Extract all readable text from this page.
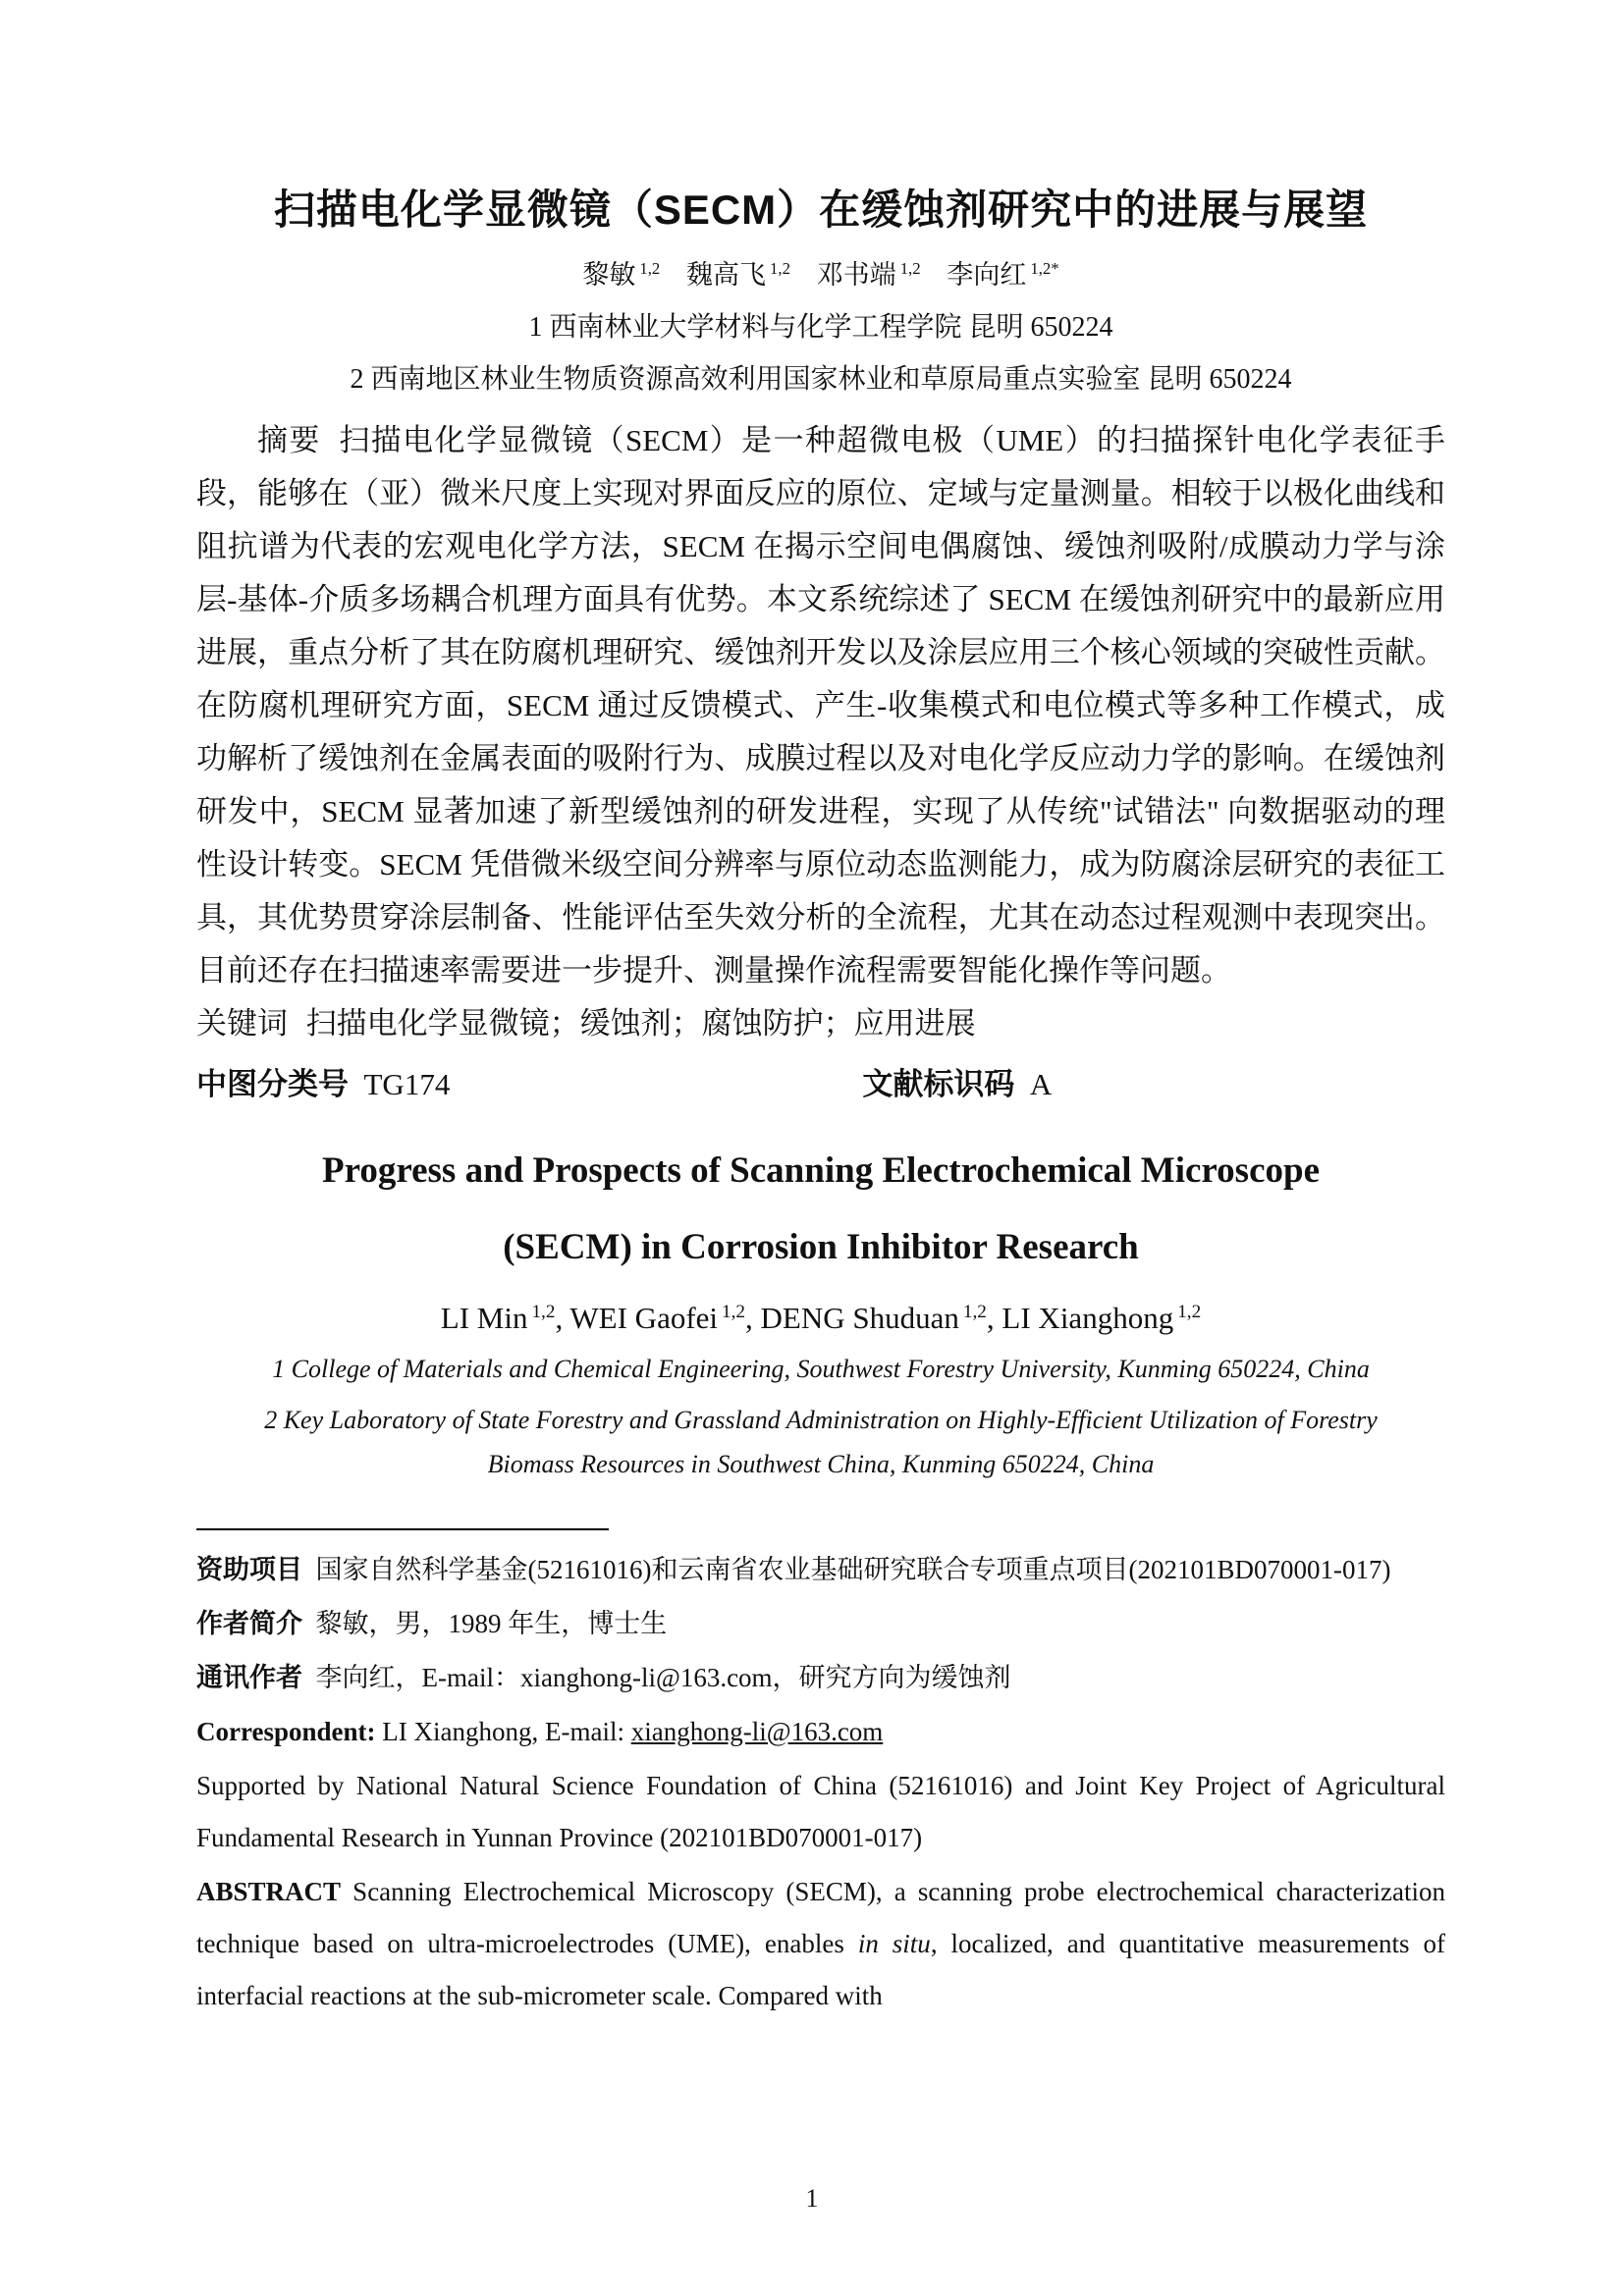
扫描电化学显微镜（SECM）在缓蚀剂研究中的进展与展望

黎敏 $^{1,2}$ 魏高飞 $^{1,2}$ 邓书端 $^{1,2}$ 李向红 $^{1,2*}$

1 西南林业大学材料与化学工程学院 昆明 650224

2 西南地区林业生物质资源高效利用国家林业和草原局重点实验室 昆明 650224

摘要 扫描电化学显微镜（SECM）是一种超微电极（UME）的扫描探针电化学表征手段，能够在（亚）微米尺度上实现对界面反应的原位、定域与定量测量。相较于以极化曲线和阻抗谱为代表的宏观电化学方法，SECM 在揭示空间电偶腐蚀、缓蚀剂吸附/成膜动力学与涂层-基体-介质多场耦合机理方面具有优势。本文系统综述了 SECM 在缓蚀剂研究中的最新应用进展，重点分析了其在防腐机理研究、缓蚀剂开发以及涂层应用三个核心领域的突破性贡献。在防腐机理研究方面，SECM 通过反馈模式、产生-收集模式和电位模式等多种工作模式，成功解析了缓蚀剂在金属表面的吸附行为、成膜过程以及对电化学反应动力学的影响。在缓蚀剂研发中，SECM 显著加速了新型缓蚀剂的研发进程，实现了从传统"试错法" 向数据驱动的理性设计转变。SECM 凭借微米级空间分辨率与原位动态监测能力，成为防腐涂层研究的表征工具，其优势贯穿涂层制备、性能评估至失效分析的全流程，尤其在动态过程观测中表现突出。目前还存在扫描速率需要进一步提升、测量操作流程需要智能化操作等问题。

关键词 扫描电化学显微镜；缓蚀剂；腐蚀防护；应用进展

中图分类号 TG174	文献标识码 A
Progress and Prospects of Scanning Electrochemical Microscope
(SECM) in Corrosion Inhibitor Research

LI Min $^{1,2}$, WEI Gaofei $^{1,2}$, DENG Shuduan $^{1,2}$, LI Xianghong $^{1,2}$

1 College of Materials and Chemical Engineering, Southwest Forestry University, Kunming 650224, China

2 Key Laboratory of State Forestry and Grassland Administration on Highly-Efficient Utilization of Forestry Biomass Resources in Southwest China, Kunming 650224, China

资助项目 国家自然科学基金(52161016)和云南省农业基础研究联合专项重点项目(202101BD070001-017)

作者简介 黎敏，男，1989 年生，博士生

通讯作者 李向红，E-mail：xianghong-li@163.com，研究方向为缓蚀剂

Correspondent: LI Xianghong, E-mail: xianghong-li@163.com

Supported by National Natural Science Foundation of China (52161016) and Joint Key Project of Agricultural Fundamental Research in Yunnan Province (202101BD070001-017)

ABSTRACT Scanning Electrochemical Microscopy (SECM), a scanning probe electrochemical characterization technique based on ultra-microelectrodes (UME), enables in situ, localized, and quantitative measurements of interfacial reactions at the sub-micrometer scale. Compared with

1
